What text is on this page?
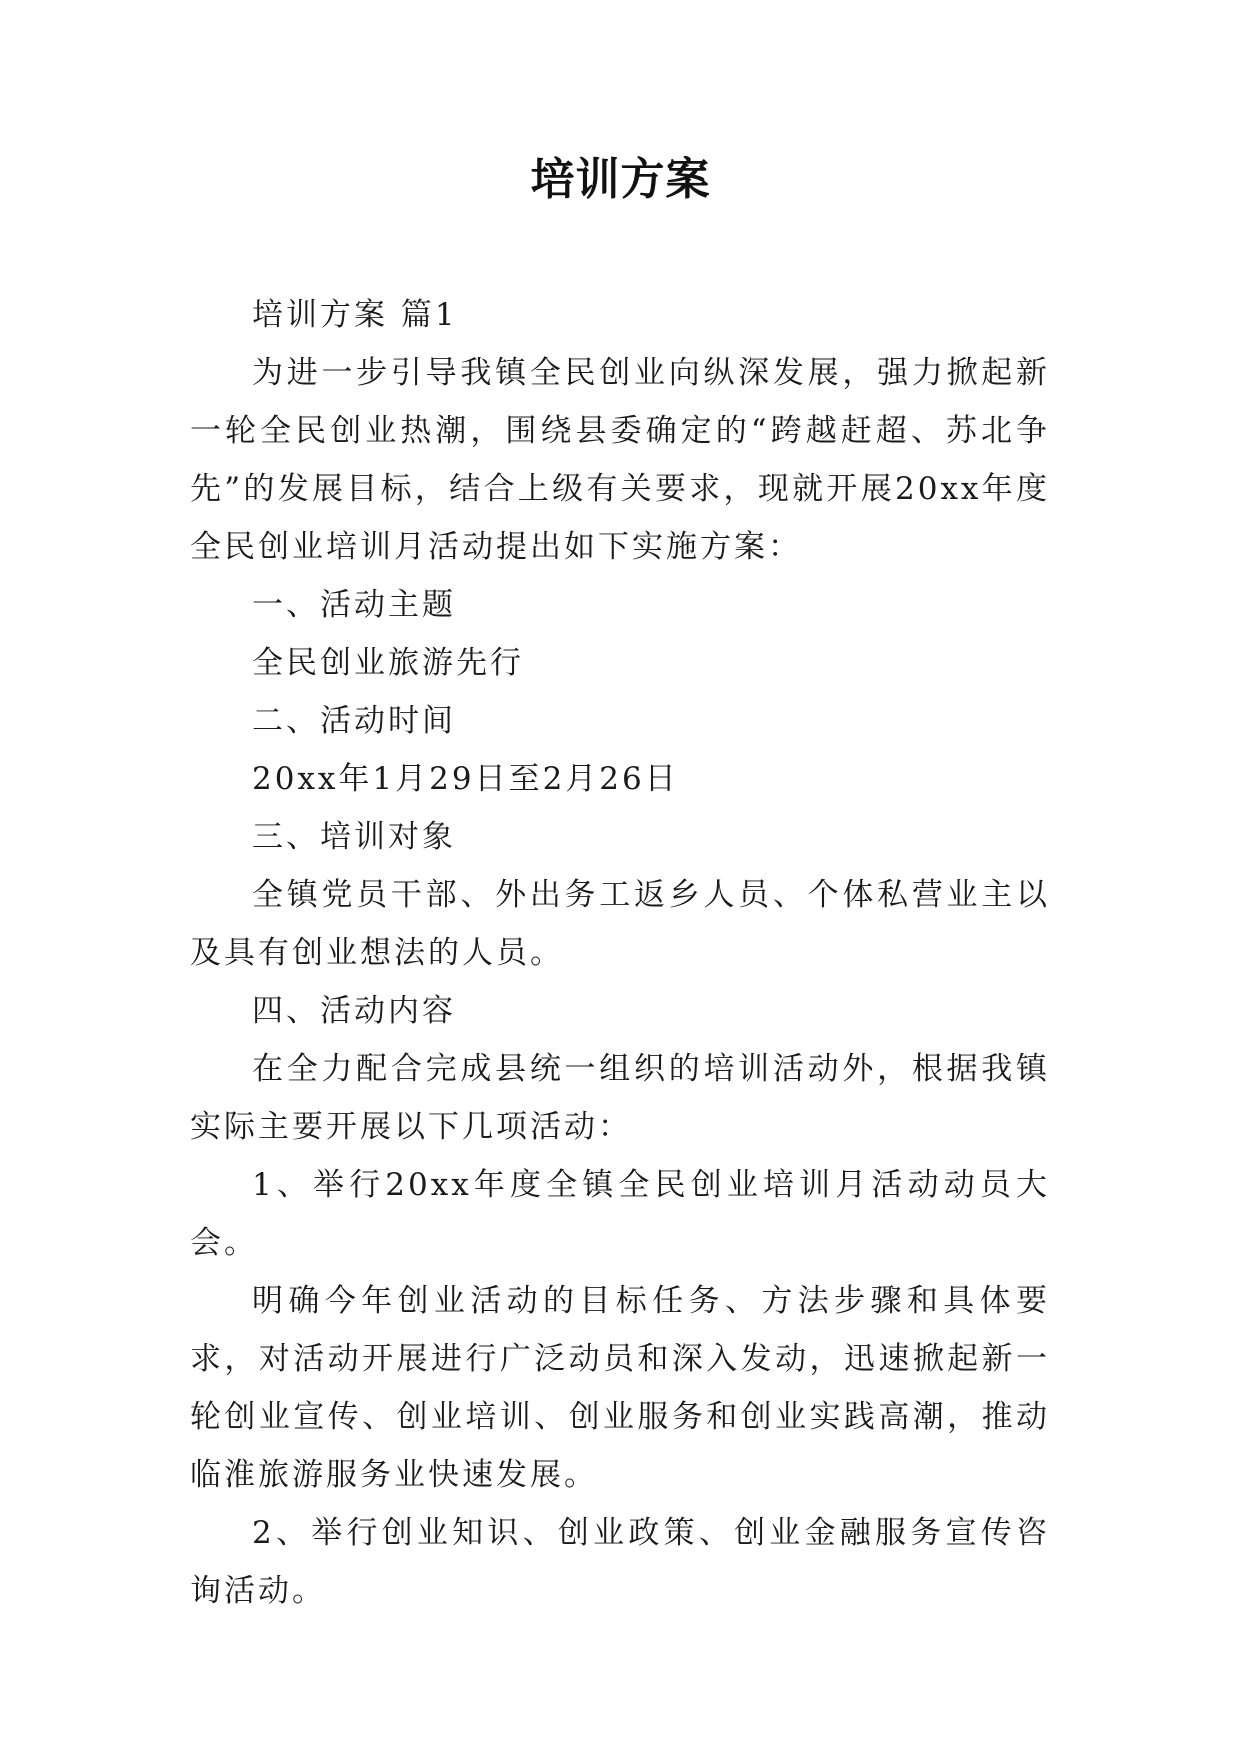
培训方案

培训方案 篇1

为进一步引导我镇全民创业向纵深发展，强力掀起新一轮全民创业热潮，围绕县委确定的“跨越赶超、苏北争先”的发展目标，结合上级有关要求，现就开展20xx年度全民创业培训月活动提出如下实施方案：

一、活动主题

全民创业旅游先行

二、活动时间

20xx年1月29日至2月26日

三、培训对象

全镇党员干部、外出务工返乡人员、个体私营业主以及具有创业想法的人员。

四、活动内容

在全力配合完成县统一组织的培训活动外，根据我镇实际主要开展以下几项活动：

1、举行20xx年度全镇全民创业培训月活动动员大会。

明确今年创业活动的目标任务、方法步骤和具体要求，对活动开展进行广泛动员和深入发动，迅速掀起新一轮创业宣传、创业培训、创业服务和创业实践高潮，推动临淮旅游服务业快速发展。

2、举行创业知识、创业政策、创业金融服务宣传咨询活动。
